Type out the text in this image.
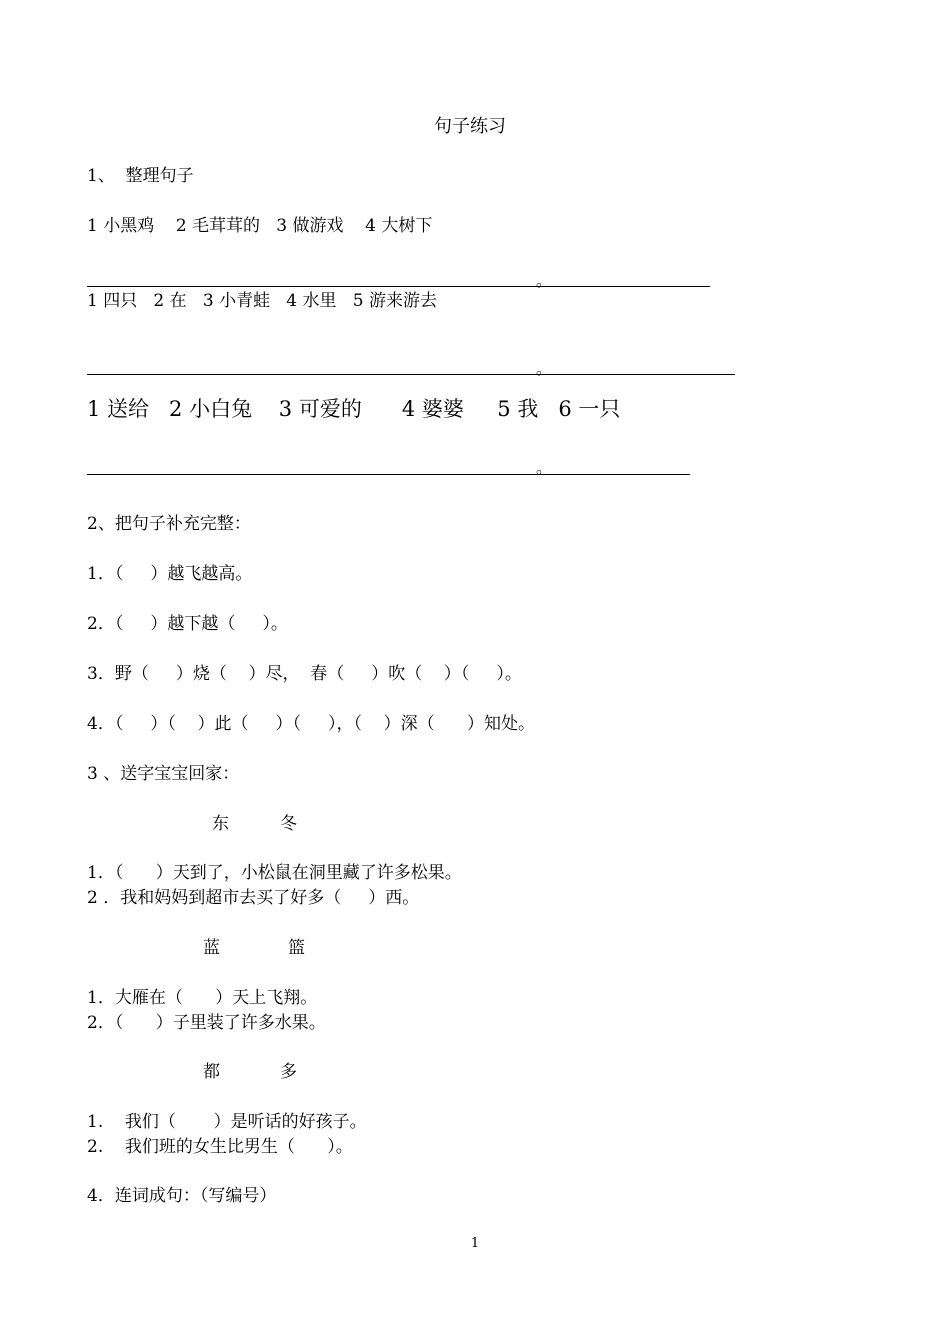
句子练习
1、  整理句子
1 小黑鸡    2 毛茸茸的   3 做游戏    4 大树下
。
1 四只   2 在   3 小青蛙   4 水里   5 游来游去
。
1 送给   2 小白兔    3 可爱的      4 婆婆     5 我   6 一只
。
2、把句子补充完整：
1．（     ）越飞越高。
2．（     ）越下越（     ）。
3．野（     ）烧（    ）尽，  春（     ）吹（    ）（     ）。
4．（     ）（    ）此（     ）（     ），（    ）深（      ）知处。
3 、送字宝宝回家：
东	冬
1．（      ）天到了，小松鼠在洞里藏了许多松果。
2 ．我和妈妈到超市去买了好多（     ）西。
蓝	篮
1．大雁在（      ）天上飞翔。
2．（      ）子里装了许多水果。
都	多
1.    我们（       ）是听话的好孩子。
2.    我们班的女生比男生（      ）。
4．连词成句：（写编号）
1
